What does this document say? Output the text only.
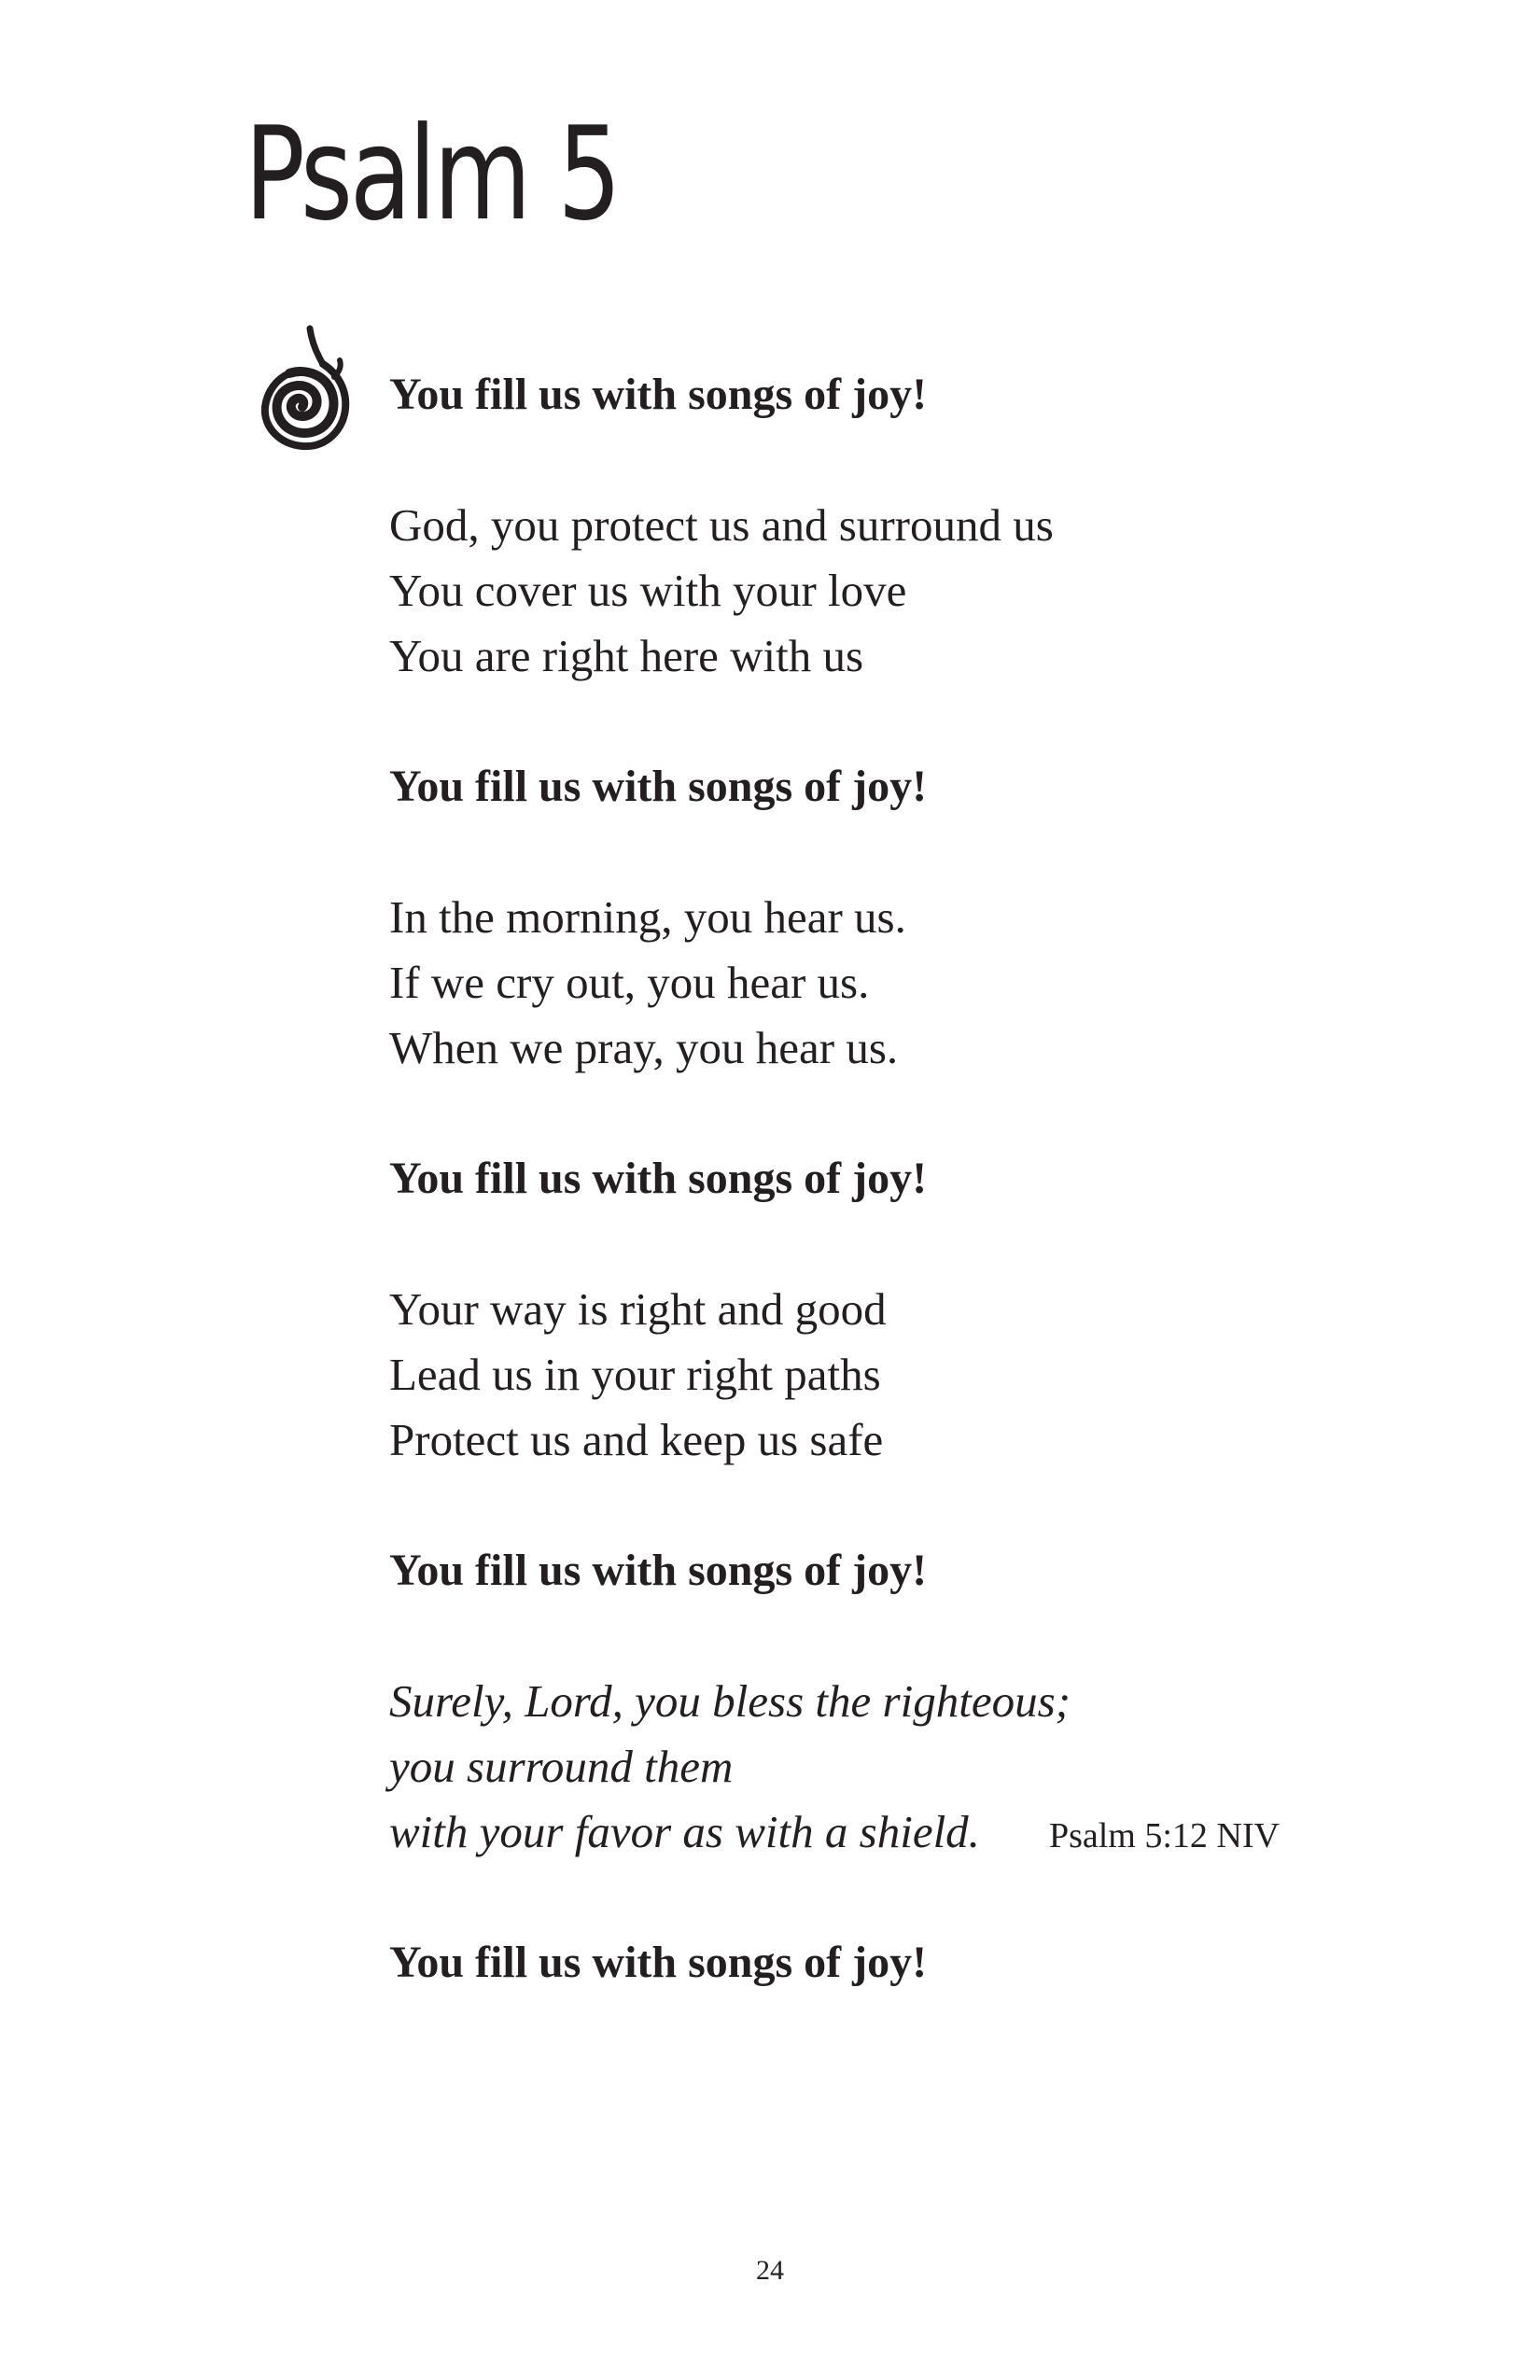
Psalm 5
You fill us with songs of joy!
God, you protect us and surround us
You cover us with your love
You are right here with us
You fill us with songs of joy!
In the morning, you hear us.
If we cry out, you hear us.
When we pray, you hear us.
You fill us with songs of joy!
Your way is right and good
Lead us in your right paths
Protect us and keep us safe
You fill us with songs of joy!
Surely, Lord, you bless the righteous;
you surround them
with your favor as with a shield. Psalm 5:12 NIV
You fill us with songs of joy!
24
